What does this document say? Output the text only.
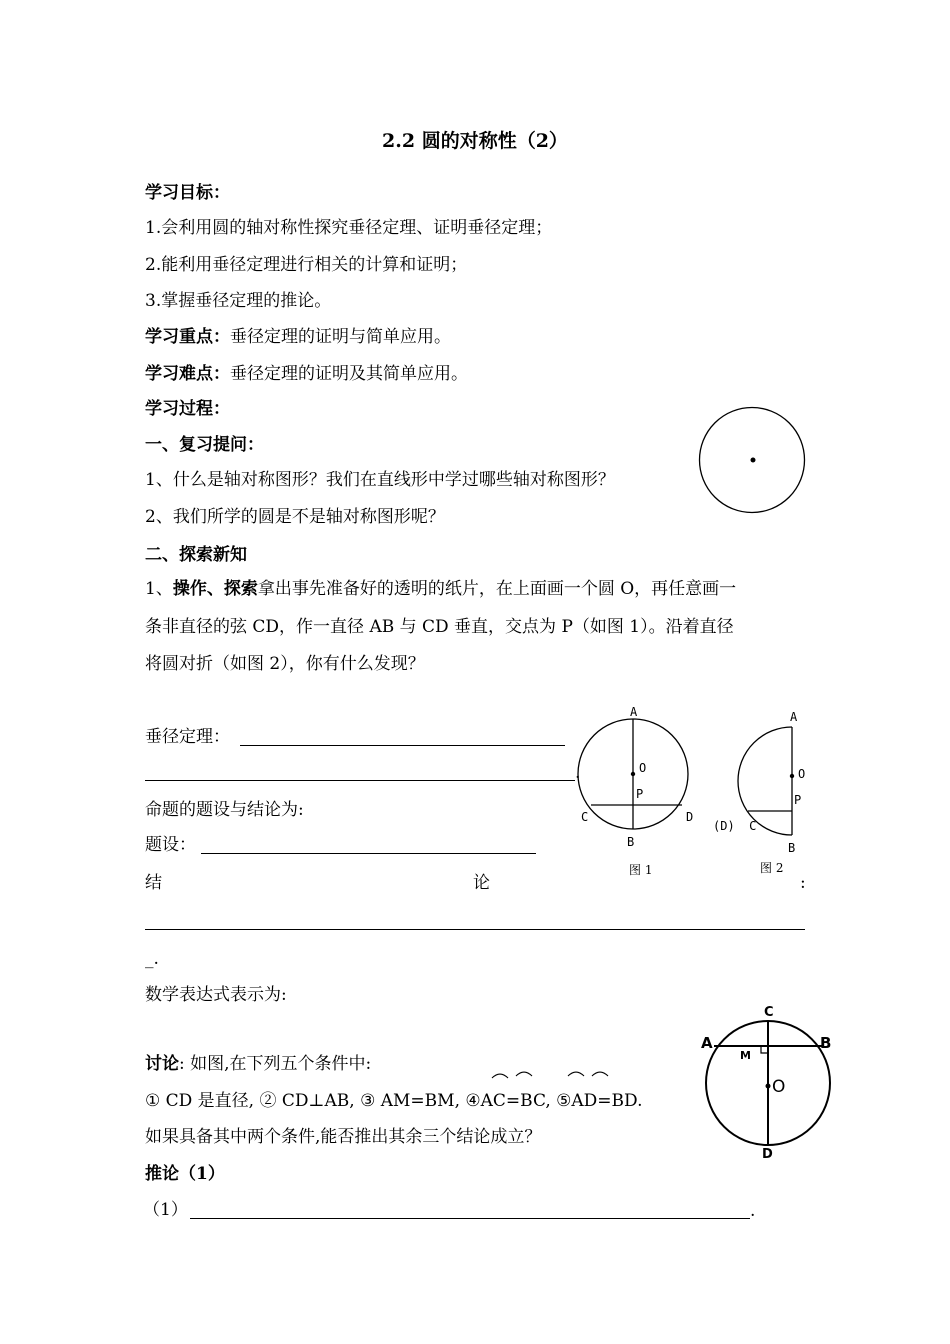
2.2 圆的对称性（2）
学习目标：
1.会利用圆的轴对称性探究垂径定理、证明垂径定理；
2.能利用垂径定理进行相关的计算和证明；
3.掌握垂径定理的推论。
学习重点：垂径定理的证明与简单应用。
学习难点：垂径定理的证明及其简单应用。
学习过程：
一、复习提问：
1、什么是轴对称图形？我们在直线形中学过哪些轴对称图形？
2、我们所学的圆是不是轴对称图形呢？
二、探索新知
1、操作、探索拿出事先准备好的透明的纸片，在上面画一个圆 O，再任意画一
条非直径的弦 CD，作一直径 AB 与 CD 垂直，交点为 P（如图 1）。沿着直径
将圆对折（如图 2），你有什么发现？
垂径定理：
.
命题的题设与结论为:
题设：
结	论	:
_.
数学表达式表示为:
A
O
P
C	D
B
图 1
A
O
P
(D)  C
B
图 2
C
A	B
M
O
D
讨论: 如图,在下列五个条件中:
① CD 是直径, ② CD⊥AB, ③ AM=BM, ④AC=BC, ⑤AD=BD.
如果具备其中两个条件,能否推出其余三个结论成立？
推论（1）
（1）	.
